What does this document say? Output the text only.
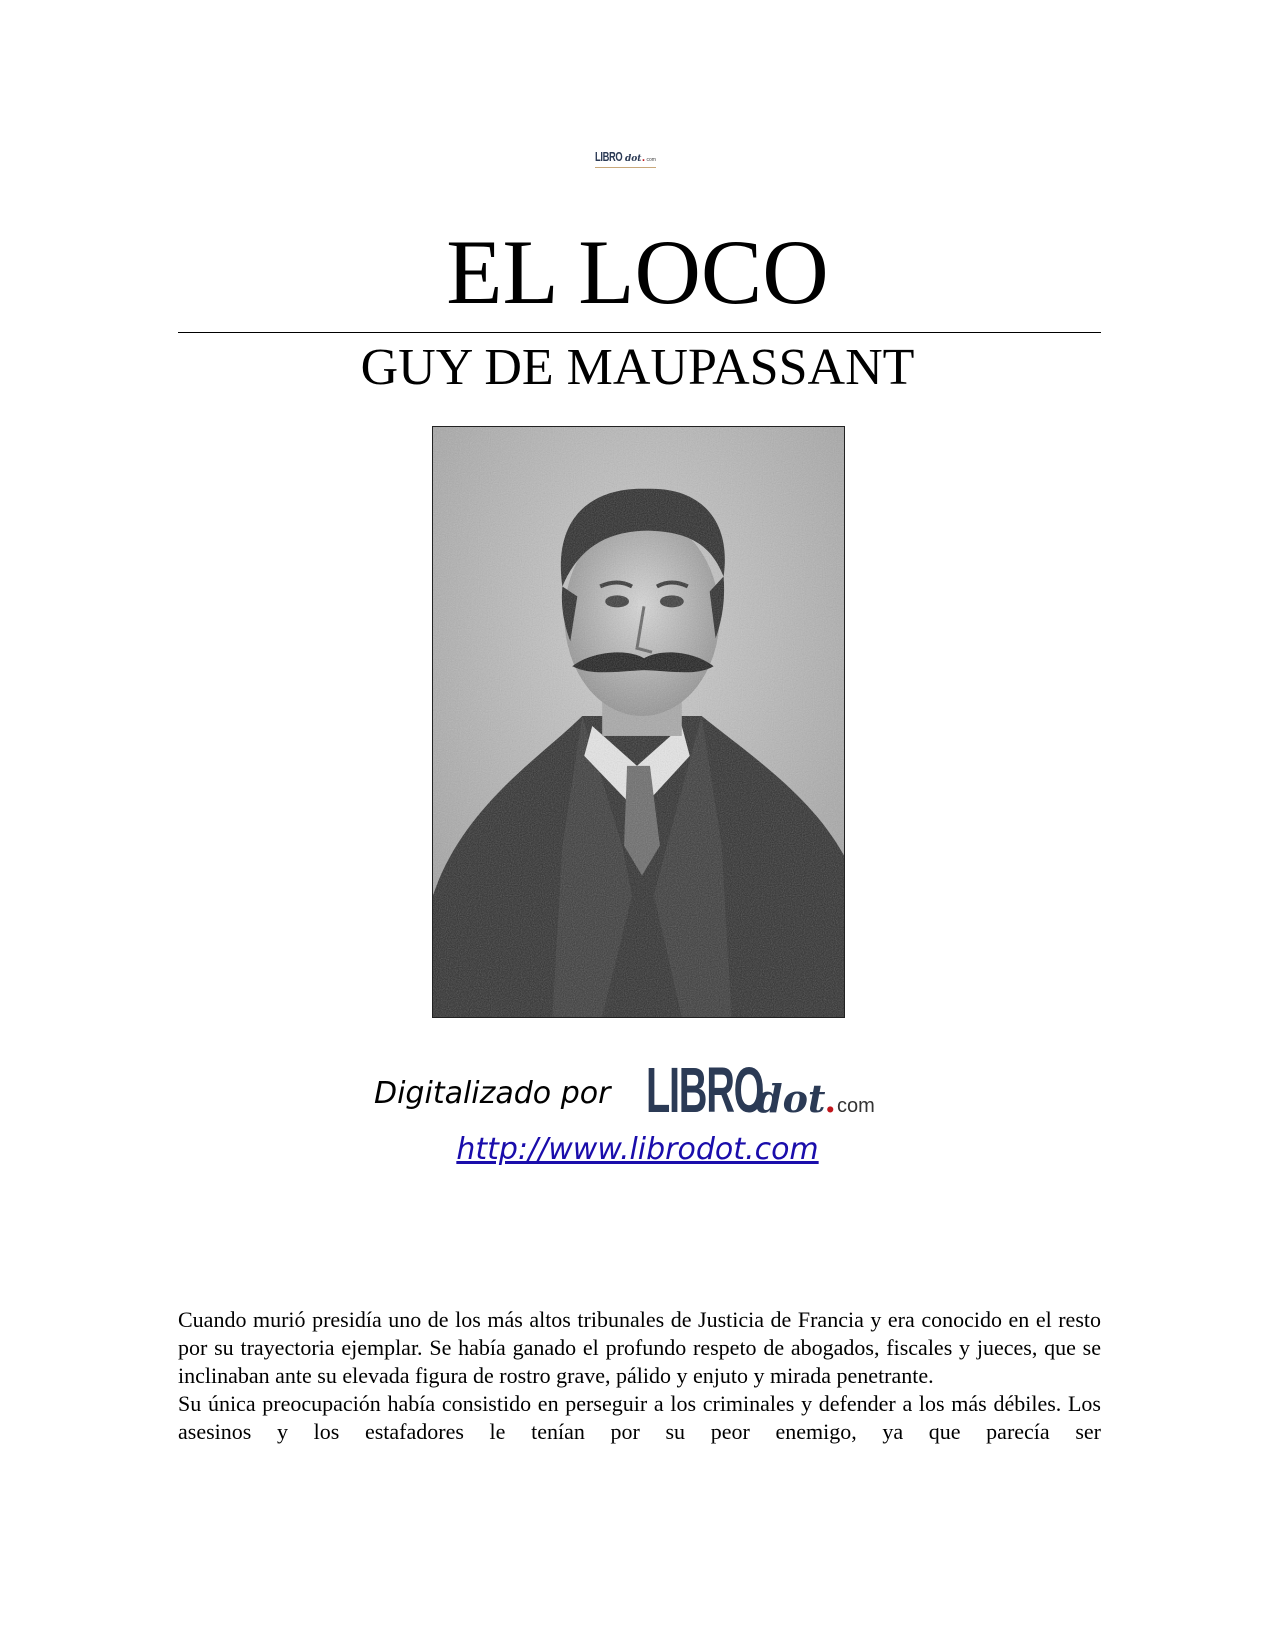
LIBRO dot . com
EL LOCO
GUY DE MAUPASSANT
Digitalizado por LIBRO
dot . com
http://www.librodot.com

Cuando murió presidía uno de los más altos tribunales de Justicia de Francia y era conocido en el resto por su trayectoria ejemplar. Se había ganado el profundo respeto de abogados, fiscales y jueces, que se inclinaban ante su elevada figura de rostro grave, pálido y enjuto y mirada penetrante.

Su única preocupación había consistido en perseguir a los criminales y defender a los más débiles. Los asesinos y los estafadores le tenían por su peor enemigo, ya que parecía ser
